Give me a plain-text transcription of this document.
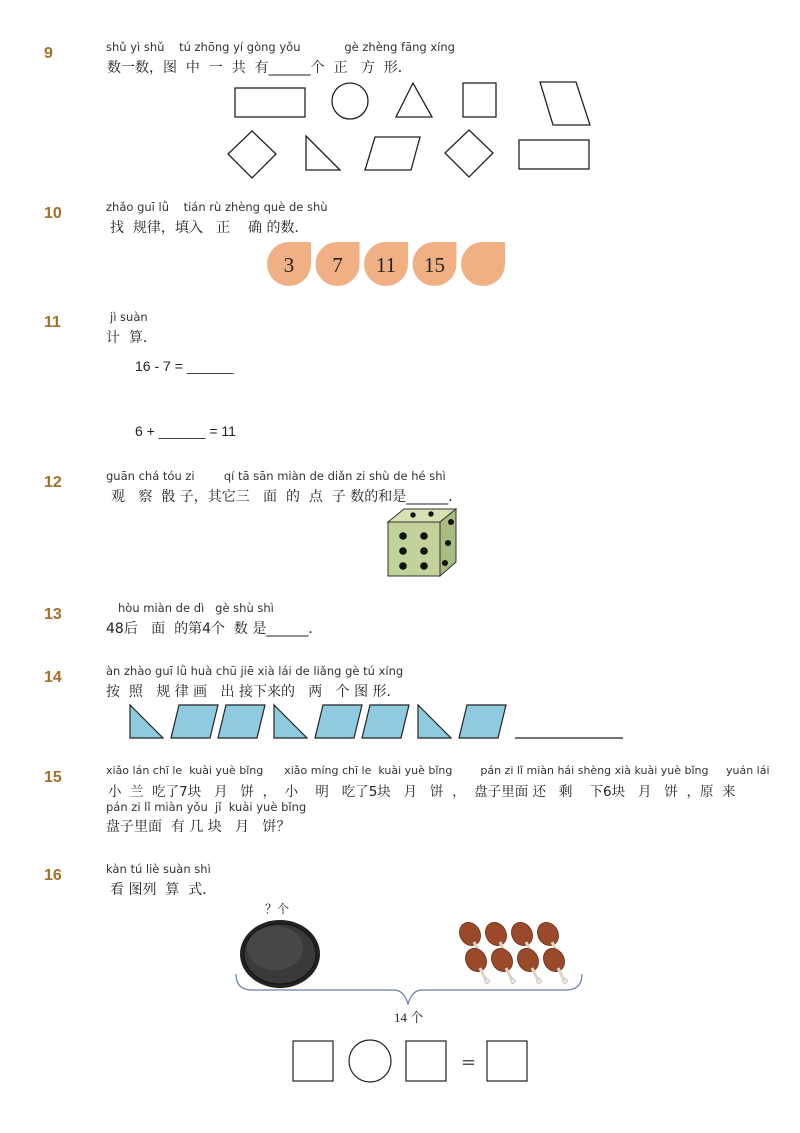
9	shǔ yì shǔ    tú zhōng yí gòng yǒu            gè zhèng fāng xíng
数一数，图  中  一  共  有______个  正   方  形．
10	zhǎo guī lǜ    tián rù zhèng què de shù
找  规律，填入   正    确 的数．
11	jì suàn
计  算．
16 - 7 = ______
6 + ______ = 11
12	guān chá tóu zi        qí tā sān miàn de diǎn zi shù de hé shì
观   察  骰 子，其它三   面  的  点  子 数的和是______．
13	hòu miàn de dì   gè shù shì
48后   面  的第4个  数 是______．
14	àn zhào guī lǜ huà chū jiē xià lái de liǎng gè tú xíng
按  照   规 律 画   出 接下来的   两   个 图 形．
15	xiǎo lán chī le  kuài yuè bǐng      xiǎo míng chī le  kuài yuè bǐng        pán zi lǐ miàn hái shèng xià kuài yuè bǐng     yuán lái
小  兰  吃了7块   月   饼  ，  小    明   吃了5块   月   饼  ，  盘子里面 还   剩    下6块   月   饼  ，原  来
pán zi lǐ miàn yǒu  jǐ  kuài yuè bǐng
盘子里面  有 几 块   月   饼？
16	kàn tú liè suàn shì
看 图列  算  式．
3 7 11 15
？个
14 个
=
